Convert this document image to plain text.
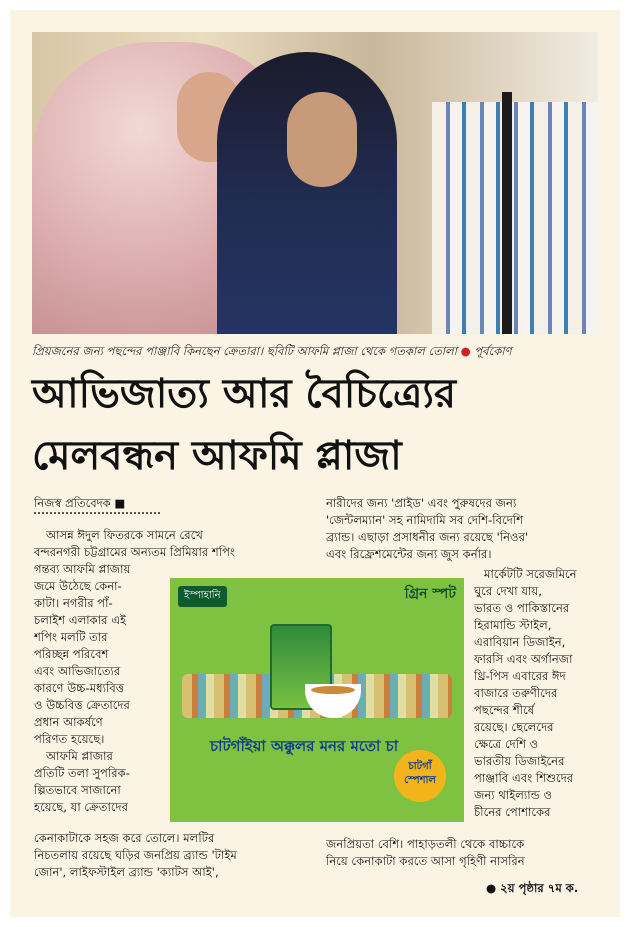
প্রিয়জনের জন্য পছন্দের পাঞ্জাবি কিনছেন ক্রেতারা। ছবিটি আফমি প্লাজা থেকে গতকাল তোলা ● পূর্বকোণ
আভিজাত্য আর বৈচিত্র্যের
মেলবন্ধন আফমি প্লাজা
নিজস্ব প্রতিবেদক ■
আসন্ন ঈদুল ফিতরকে সামনে রেখে
বন্দরনগরী চট্টগ্রামের অন্যতম প্রিমিয়ার শপিং
গন্তব্য আফমি প্লাজায়
জমে উঠেছে কেনা-
কাটা। নগরীর পাঁ-
চলাইশ এলাকার এই
শপিং মলটি তার
পরিচ্ছন্ন পরিবেশ
এবং আভিজাত্যের
কারণে উচ্চ-মধ্যবিত্ত
ও উচ্চবিত্ত ক্রেতাদের
প্রধান আকর্ষণে
পরিণত হয়েছে।
আফমি প্লাজার
প্রতিটি তলা সুপরিক-
ল্পিতভাবে সাজানো
হয়েছে, যা ক্রেতাদের
কেনাকাটাকে সহজ করে তোলে। মলটির
নিচতলায় রয়েছে ঘড়ির জনপ্রিয় ব্র্যান্ড 'টাইম
জোন', লাইফস্টাইল ব্র্যান্ড 'ক্যাটস আই',
নারীদের জন্য 'প্রাইড' এবং পুরুষদের জন্য
'জেন্টলম্যান' সহ নামিদামি সব দেশি-বিদেশি
ব্র্যান্ড। এছাড়া প্রসাধনীর জন্য রয়েছে 'নিওর'
এবং রিফ্রেশমেন্টের জন্য জুস কর্নার।
মার্কেটটি সরেজমিনে
ঘুরে দেখা যায়,
ভারত ও পাকিস্তানের
হিরামান্ডি স্টাইল,
এরাবিয়ান ডিজাইন,
ফারসি এবং অর্গানজা
থ্রি-পিস এবারের ঈদ
বাজারে তরুণীদের
পছন্দের শীর্ষে
রয়েছে। ছেলেদের
ক্ষেত্রে দেশি ও
ভারতীয় ডিজাইনের
পাঞ্জাবি এবং শিশুদের
জন্য থাইল্যান্ড ও
চীনের পোশাকের
জনপ্রিয়তা বেশি। পাহাড়তলী থেকে বাচ্চাকে
নিয়ে কেনাকাটা করতে আসা গৃহিণী নাসরিন
● ২য় পৃষ্ঠার ৭ম ক.
ইস্পাহানি	গ্রিন স্পট
চাটগাঁইয়া অক্কুলর মনর মতো চা
চাটগাঁ স্পেশাল
